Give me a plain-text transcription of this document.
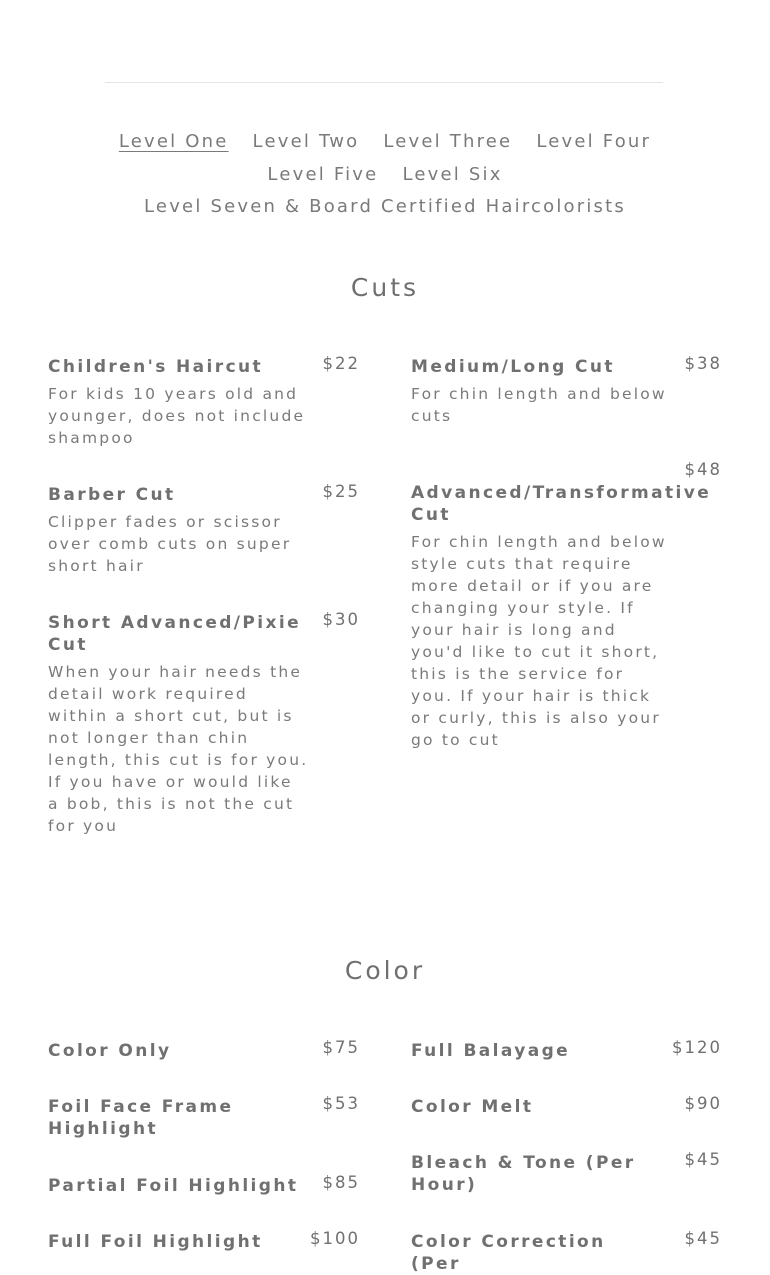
Level One Level Two Level Three Level Four
Level Five Level Six
Level Seven & Board Certified Haircolorists
Cuts
Children's Haircut	$22
For kids 10 years old and younger, does not include shampoo
Barber Cut	$25
Clipper fades or scissor over comb cuts on super short hair
Short Advanced/Pixie Cut
$30
When your hair needs the detail work required within a short cut, but is not longer than chin length, this cut is for you. If you have or would like a bob, this is not the cut for you
Medium/Long Cut	$38
For chin length and below cuts
Advanced/Transformative Cut
$48
For chin length and below style cuts that require more detail or if you are changing your style. If your hair is long and you'd like to cut it short, this is the service for you. If your hair is thick or curly, this is also your go to cut
Color
Color Only	$75
Foil Face Frame Highlight
$53
Partial Foil Highlight	$85
Full Foil Highlight	$100
Full Balayage	$120
Color Melt	$90
Bleach & Tone (Per Hour)
$45
Color Correction (Per
$45
